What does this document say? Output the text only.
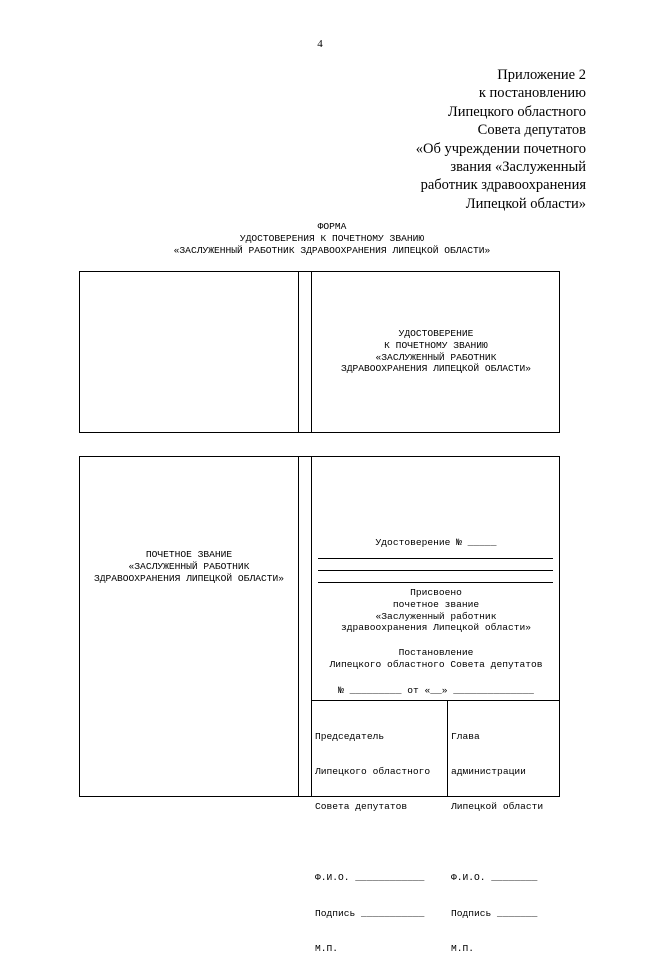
4
Приложение 2
к постановлению
Липецкого областного
Совета депутатов
«Об учреждении почетного
звания «Заслуженный
работник здравоохранения
Липецкой области»
ФОРМА
УДОСТОВЕРЕНИЯ К ПОЧЕТНОМУ ЗВАНИЮ
«ЗАСЛУЖЕННЫЙ РАБОТНИК ЗДРАВООХРАНЕНИЯ ЛИПЕЦКОЙ ОБЛАСТИ»
УДОСТОВЕРЕНИЕ
К ПОЧЕТНОМУ ЗВАНИЮ
«ЗАСЛУЖЕННЫЙ РАБОТНИК
ЗДРАВООХРАНЕНИЯ ЛИПЕЦКОЙ ОБЛАСТИ»
ПОЧЕТНОЕ ЗВАНИЕ
«ЗАСЛУЖЕННЫЙ РАБОТНИК
ЗДРАВООХРАНЕНИЯ ЛИПЕЦКОЙ ОБЛАСТИ»
Удостоверение № _____
Присвоено
почетное звание
«Заслуженный работник
здравоохранения Липецкой области»
Постановление
Липецкого областного Совета депутатов
№ _________ от «__» ______________

Председатель

Липецкого областного

Совета депутатов

Ф.И.О. ____________

Подпись ___________

М.П.

Глава

администрации

Липецкой области

Ф.И.О. ________

Подпись _______

М.П.
